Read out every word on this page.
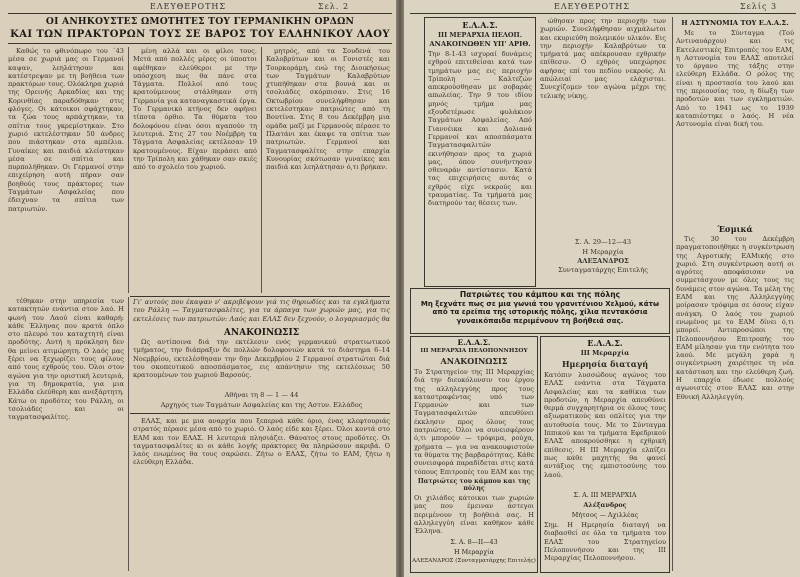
ΕΛΕΥΘΕΡΟΤΗΣ	Σελ. 2
ΟΙ ΑΝΗΚΟΥΣΤΕΣ ΩΜΟΤΗΤΕΣ ΤΟΥ ΓΕΡΜΑΝΙΚΗΝ ΟΡΔΩΝ
ΚΑΙ ΤΩΝ ΠΡΑΚΤΟΡΩΝ ΤΟΥΣ ΣΕ ΒΑΡΟΣ ΤΟΥ ΕΛΛΗΝΙΚΟΥ ΛΑΟΥ

Καθώς το φθινόπωρο του ΄43 μέσα σε χωριά μας οι Γερμανοί καψαν, λεηλάτησαν και κατέστρεψαν με τη βοήθεια των πρακτόρων τους. Ολόκληρα χωριά της Ορεινής Αρκαδίας και της Κορινθίας παραδόθηκαν στις φλόγες. Οι κάτοικοι σφάχτηκαν, τα ζώα τους αρπάχτηκαν, τα σπίτια τους γκρεμίστηκαν. Στο χωριό εκτελέστηκαν 50 άνδρες που πιάστηκαν στα αμπέλια. Γυναίκες και παιδιά κλείστηκαν μέσα σε σπίτια και πυρπολήθηκαν. Οι Γερμανοί στην επιχείρηση αυτή πήραν σαν βοηθούς τους πράκτορες των Ταγμάτων Ασφαλείας που έδειχναν τα σπίτια των πατριωτών.

μένη αλλά και οι φίλοι τους. Μετά από πολλές μέρες οι ύποπτοι αφέθηκαν ελεύθεροι με την υπόσχεση πως θα πάνε στα Τάγματα. Πολλοί από τους κρατούμενους στάλθηκαν στη Γερμανία για καταναγκαστικά έργα. Το Γερμανικό κτήνος δεν αφήνει τίποτα όρθιο. Τα θύματα του δολοφόνου είναι όσοι αγαπούν τη λευτεριά. Στις 27 του Νοέμβρη τα Τάγματα Ασφαλείας εκτέλεσαν 19 κρατουμένους. Είχαν περάσει από την Τρίπολη και χάθηκαν σαν σκιές από το σχολείο του χωριού.

μητρός, από τα Σουδενά του Καλοβρύτων και οι Γονιστές και Τουρκοράμη, ενώ της Διοικήσεως των Ταγμάτων Καλαβρύτων χτυπήθηκαν στα βουνά και οι τσολιάδες σκόρπισαν. Στις 16 Οκτωβρίου συνελήφθησαν και εκτελέστηκαν πατριώτες από τη Βουτίνα. Στις 8 του Δεκέμβρη μια ομάδα μαζί με Γερμανούς πέρασε το Πλατάνι και έκαψε τα σπίτια των πατριωτών. Γερμανοί και Ταγματασφαλίτες στην επαρχία Κυνουρίας σκότωσαν γυναίκες και παιδιά και λεηλάτησαν ό,τι βρήκαν.

Γι' αυτούς που έκαψαν ν' ακριβέψουν γιά τις θηριωδίες και τα εγκλήματα του Ράλλη — Ταγματασφαλίτες, για τα άρπαγα των χωριών μας, για τις εκτελέσεις των πατριωτών: Λαός και ΕΛΑΣ δεν ξεχνούν, ο λογαριασμός θα
ΑΝΑΚΟΙΝΩΣΙΣ

Ως αντίποινα διά την εκτέλεσιν ενός γερμανικού στρατιωτικού τμήματος, την διάπραξιν δε πολλών δολοφονιών κατά το διάστημα 6–14 Νοεμβρίου, εκτελέσθησαν την 6ην Δεκεμβρίου 2 Γερμανοί στρατιώται διά του σκοπευτικού αποσπάσματος, εις απάντησιν της εκτελέσεως 50 κρατουμένων του χωριού Βαρσούς.

Αθήναι τη 8 — 1 — 44
Αρχηγός των Ταγμάτων Ασφαλείας και της Αστυν. Ελλάδος

τέθηκαν στην υπηρεσία των κατακτητών ενάντια στον λαό. Η φωνή του Λαού είναι καθαρή: κάθε Έλληνας που κρατά όπλο στο πλευρό του καταχτητή είναι προδότης. Αυτή η πρόκληση δεν θα μείνει ατιμώρητη. Ο λαός μας ξέρει να ξεχωρίζει τους φίλους από τους εχθρούς του. Όλοι στον αγώνα για την οριστική λευτεριά, για τη δημοκρατία, για μια Ελλάδα ελεύθερη και ανεξάρτητη. Κάτω οι προδότες του Ράλλη, οι τσολιάδες και οι ταγματασφαλίτες.	ΕΛΑΣ, και με μια αναρχία που ξεπερνά κάθε όριο, ένας κλεφτουριάς στρατός πέρασε μέσα από το χωριό. Ο λαός είδε και ξέρει. Όλοι κοντά στο ΕΑΜ και τον ΕΛΑΣ. Η λευτεριά πλησιάζει. Θάνατος στους προδότες. Οι ταγματασφαλίτες κι οι κάθε λογής πράκτορες θα πληρώσουν ακριβά. Ο λαός ενωμένος θα τους σαρώσει. Ζήτω ο ΕΛΑΣ, ζήτω το ΕΑΜ, ζήτω η ελεύθερη Ελλάδα.

ΕΛΕΥΘΕΡΟΤΗΣ	Σελίς 3
Ε.Λ.Α.Σ.
ΙΙΙ ΜΕΡΑΡΧΙΑ ΠΕΛΟΠ.
ΑΝΑΚΟΙΝΩΘΕΝ ΥΠ' ΑΡΙΘ.
Την 8-1-43 ισχυραί δυνάμεις εχθρού επιτεθείσαι κατά των τμημάτων μας εις περιοχήν Τρίπολη — Καλτεζών απεκρούσθησαν με σοβαράς απωλείας. Την 9 του ιδίου μηνός τμήμα μας εξουδετέρωσε φυλάκιον Ταγμάτων Ασφαλείας. Από Γιαννέικα και Δολιανά Γερμανοί και αποσπάσματα Ταγματασφαλιτών εκινήθησαν προς τα χωριά μας, όπου συνήντησαν σθεναράν αντίστασιν. Κατά τας επιχειρήσεις αυτάς ο εχθρός είχε νεκρούς και τραυματίας. Τα τμήματά μας διατηρούν τας θέσεις των.

ώθησαν προς την περιοχήν των χωριών. Συνελήφθησαν αιχμάλωτοι και εκυριεύθη πολεμικόν υλικόν. Εις την περιοχήν Καλαβρύτων τα τμήματά μας απέκρουσαν εχθρικήν επίθεσιν. Ο εχθρός υπεχώρησε αφήσας επί του πεδίου νεκρούς. Αι απώλειαί μας ελάχισται. Συνεχίζομεν τον αγώνα μέχρι της τελικής νίκης.

Σ. Α. 29—12—43
Η Μεραρχία
ΑΛΕΞΑΝΔΡΟΣ
Συνταγματάρχης Επιτελής
Πατριώτες του κάμπου και της πόλης
Μη ξεχνάτε πως σε μια γωνιά του γρανιτένιου Χελμού, κάτω από τα ερείπια της ιστορικής πόλης, χίλια πεντακόσια γυναικόπαιδα περιμένουν τη βοήθειά σας.
Ε.Λ.Α.Σ.
ΙΙΙ ΜΕΡΑΡΧΙΑ ΠΕΛΟΠΟΝΝΗΣΟΥ
ΑΝΑΚΟΙΝΩΣΙΣ
Το Στρατηγείον της ΙΙΙ Μεραρχίας διά την διευκόλυνσιν του έργου της αλληλεγγύης προς τους καταστραφέντας υπό των Γερμανών και των Ταγματασφαλιτών απευθύνει έκκλησιν προς όλους τους πατριώτας. Όλοι να συνεισφέρουν ό,τι μπορούν — τρόφιμα, ρούχα, χρήματα — για να ανακουφιστούν τα θύματα της βαρβαρότητας. Κάθε συνεισφορά παραδίδεται στις κατά τόπους Επιτροπές του ΕΑΜ και της
Πατριώτες του κάμπου και της πόλης
Οι χιλιάδες κάτοικοι των χωριών μας που έμειναν άστεγοι περιμένουν τη βοήθειά σας. Η αλληλεγγύη είναι καθήκον κάθε Έλληνα.
Σ. Α. 8—II—43
Η Μεραρχία
ΑΛΕΞΑΝΔΡΟΣ (Συνταγματάρχης Επιτελής)
Ε.Λ.Α.Σ.
ΙΙΙ Μεραρχία
Ημερησία διαταγή
Κατόπιν λυσσώδους αγώνος του ΕΛΑΣ ενάντια στα Τάγματα Ασφαλείας και τα καθίκια των προδοτών, η Μεραρχία απευθύνει θερμά συγχαρητήρια σε όλους τους αξιωματικούς και οπλίτες για την αυτοθυσία τους. Με το Σύνταγμα Ιππικού και τα τμήματα Εφεδρικού ΕΛΑΣ αποκρούσθηκε η εχθρική επίθεσις. Η ΙΙΙ Μεραρχία ελπίζει πως κάθε μαχητής θα φανεί αντάξιος της εμπιστοσύνης του λαού.
Σ. Α. ΙΙΙ ΜΕΡΑΡΧΙΑ
Αλέξανδρος
Μήτσος — Αχιλλέας
Σημ. Η Ημερησία διαταγή να διαβασθεί σε όλα τα τμήματα του ΕΛΑΣ του Στρατηγείου Πελοποννήσου και της ΙΙΙ Μεραρχίας Πελοποννήσου.
Η ΑΣΤΥΝΟΜΙΑ ΤΟΥ Ε.Λ.Α.Σ.

Με το Σύνταγμα (Τού Αντιναυάρχου) και τις Εκτελεστικές Επιτροπές του ΕΑΜ, η Αστυνομία του ΕΛΑΣ αποτελεί το όργανο της τάξης στην ελεύθερη Ελλάδα. Ο ρόλος της είναι η προστασία του λαού και της περιουσίας του, η δίωξη των προδοτών και των εγκληματιών. Από το 1941 ως το 1939 καταπιέστηκε ο λαός. Η νέα Αστυνομία είναι δική του.

Έσμικά

Τις 30 του Δεκέμβρη πραγματοποιήθηκε η συγκέντρωση της Αγροτικής ΕΑΜικής στο χωριό. Στη συγκέντρωση αυτή οι αγρότες αποφάσισαν να συμμετάσχουν με όλες τους τις δυνάμεις στον αγώνα. Τα μέλη της ΕΑΜ και της Αλληλεγγύης μοίρασαν τρόφιμα σε όσους είχαν ανάγκη. Ο λαός του χωριού ενωμένος με το ΕΑΜ δίνει ό,τι μπορεί. Αντιπροσώποι της Πελοποννήσου Επιτροπής του ΕΑΜ μίλησαν για την ενότητα του λαού. Με μεγάλη χαρά η συγκέντρωση χαιρέτησε τη νέα κατάσταση και την ελεύθερη ζωή. Η επαρχία έδωσε πολλούς αγωνιστές στον ΕΛΑΣ και στην Εθνική Αλληλεγγύη.
